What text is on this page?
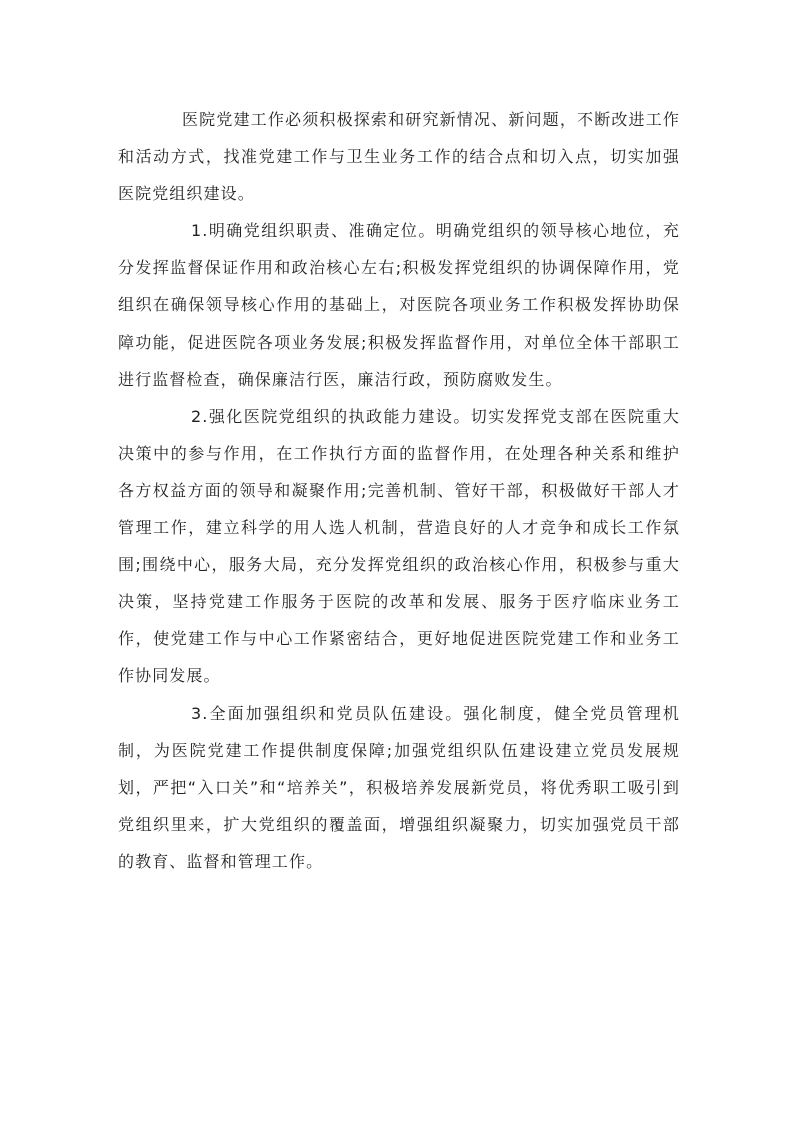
医院党建工作必须积极探索和研究新情况、新问题，不断改进工作和活动方式，找准党建工作与卫生业务工作的结合点和切入点，切实加强医院党组织建设。

1.明确党组织职责、准确定位。明确党组织的领导核心地位，充分发挥监督保证作用和政治核心左右;积极发挥党组织的协调保障作用，党组织在确保领导核心作用的基础上，对医院各项业务工作积极发挥协助保障功能，促进医院各项业务发展;积极发挥监督作用，对单位全体干部职工进行监督检查，确保廉洁行医，廉洁行政，预防腐败发生。

2.强化医院党组织的执政能力建设。切实发挥党支部在医院重大决策中的参与作用，在工作执行方面的监督作用，在处理各种关系和维护各方权益方面的领导和凝聚作用;完善机制、管好干部，积极做好干部人才管理工作，建立科学的用人选人机制，营造良好的人才竞争和成长工作氛围;围绕中心，服务大局，充分发挥党组织的政治核心作用，积极参与重大决策，坚持党建工作服务于医院的改革和发展、服务于医疗临床业务工作，使党建工作与中心工作紧密结合，更好地促进医院党建工作和业务工作协同发展。

3.全面加强组织和党员队伍建设。强化制度，健全党员管理机制，为医院党建工作提供制度保障;加强党组织队伍建设建立党员发展规划，严把“入口关”和“培养关”，积极培养发展新党员，将优秀职工吸引到党组织里来，扩大党组织的覆盖面，增强组织凝聚力，切实加强党员干部的教育、监督和管理工作。
